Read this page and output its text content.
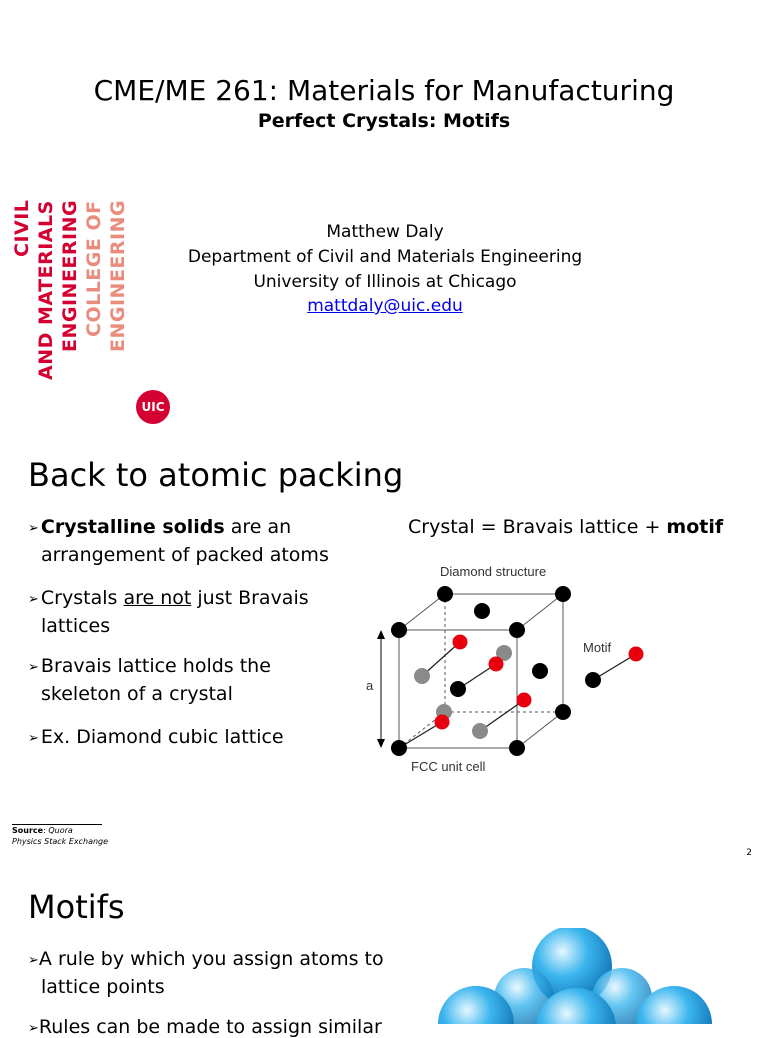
CME/ME 261: Materials for Manufacturing
Perfect Crystals: Motifs
CIVIL AND MATERIALS ENGINEERING COLLEGE OF ENGINEERING
UIC
Matthew Daly
Department of Civil and Materials Engineering
University of Illinois at Chicago
mattdaly@uic.edu
Back to atomic packing
➢ Crystalline solids are an
arrangement of packed atoms
➢ Crystals are not just Bravais
lattices
➢ Bravais lattice holds the
skeleton of a crystal
➢ Ex. Diamond cubic lattice
Crystal = Bravais lattice + motif
Diamond structure
a
Motif
FCC unit cell
Source: Quora
Physics Stack Exchange
2
Motifs
➢A rule by which you assign atoms to
lattice points
➢Rules can be made to assign similar
